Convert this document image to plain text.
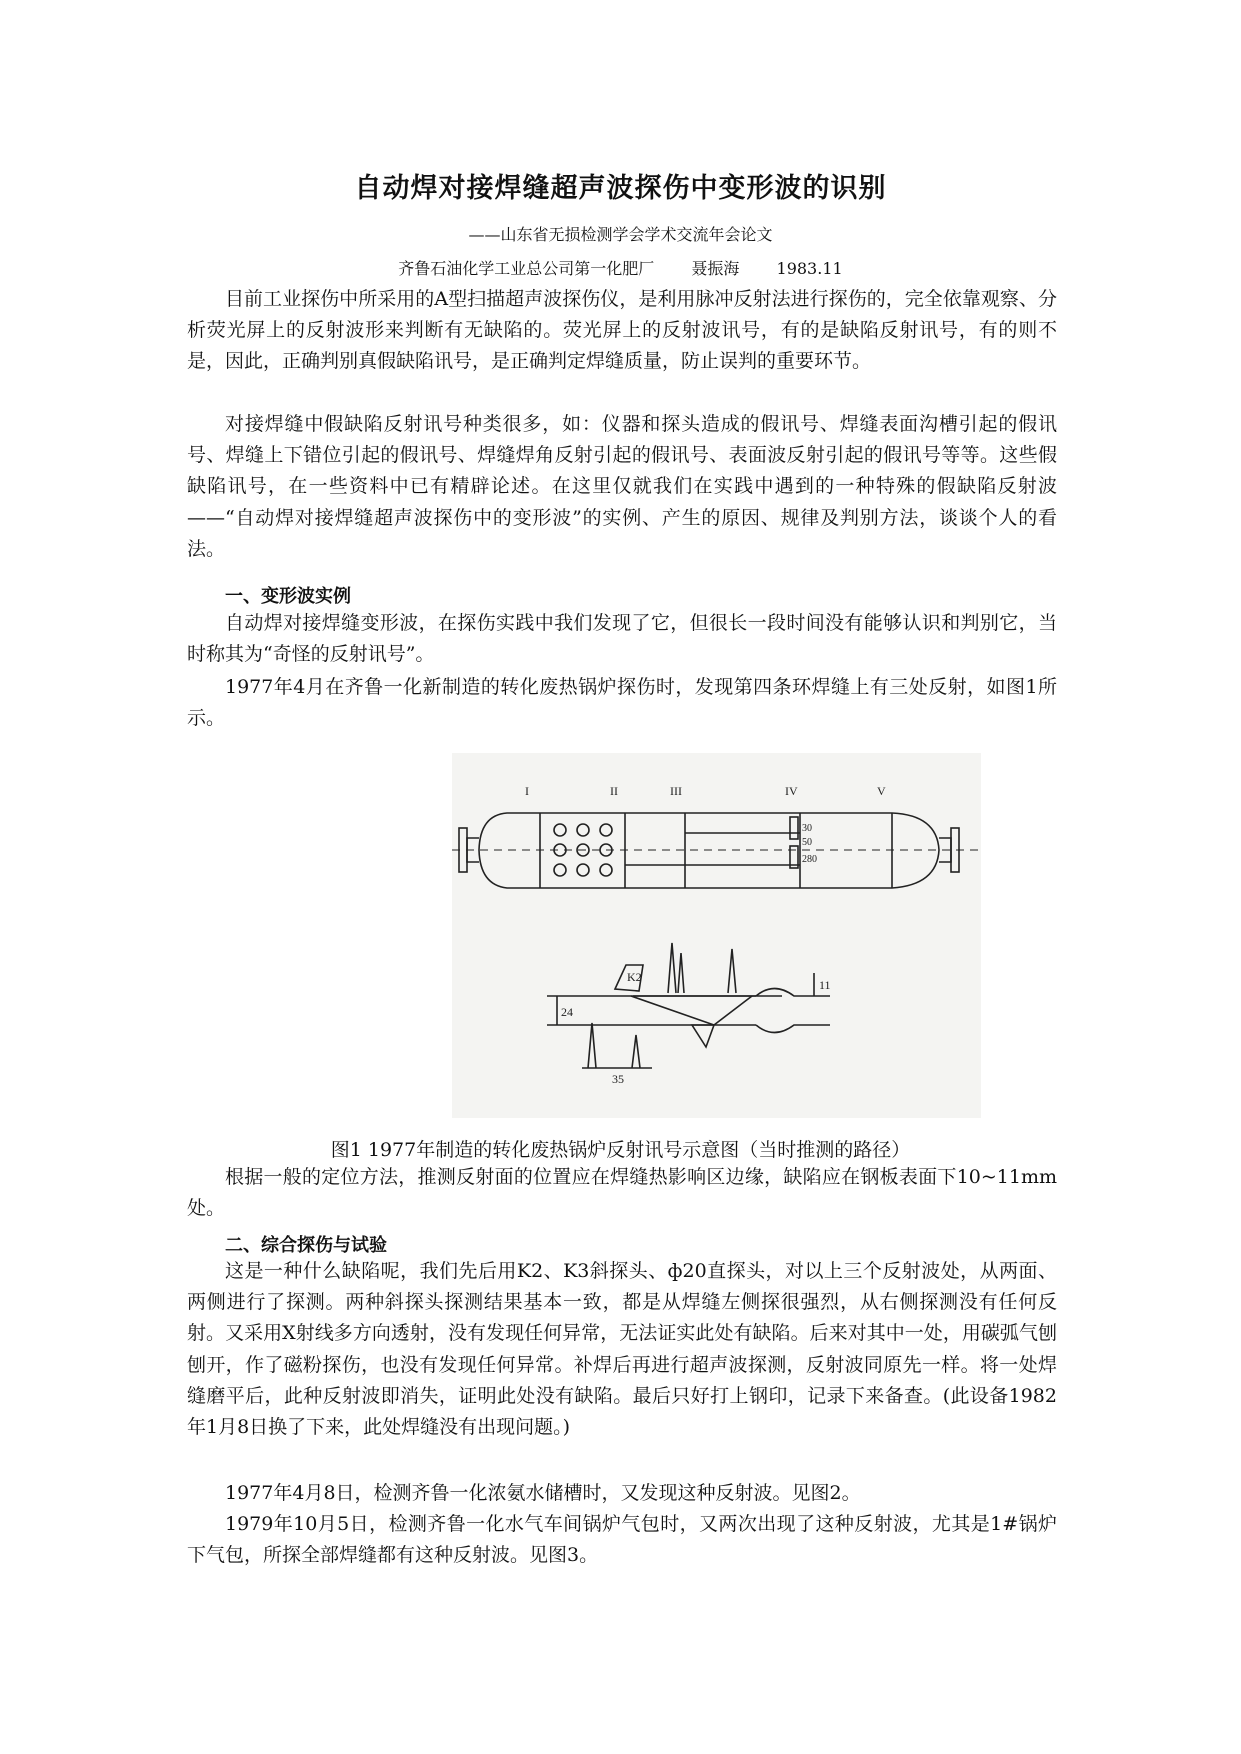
自动焊对接焊缝超声波探伤中变形波的识别
——山东省无损检测学会学术交流年会论文
齐鲁石油化学工业总公司第一化肥厂 聂振海 1983.11

目前工业探伤中所采用的A型扫描超声波探伤仪，是利用脉冲反射法进行探伤的，完全依靠观察、分析荧光屏上的反射波形来判断有无缺陷的。荧光屏上的反射波讯号，有的是缺陷反射讯号，有的则不是，因此，正确判别真假缺陷讯号，是正确判定焊缝质量，防止误判的重要环节。

对接焊缝中假缺陷反射讯号种类很多，如：仪器和探头造成的假讯号、焊缝表面沟槽引起的假讯号、焊缝上下错位引起的假讯号、焊缝焊角反射引起的假讯号、表面波反射引起的假讯号等等。这些假缺陷讯号，在一些资料中已有精辟论述。在这里仅就我们在实践中遇到的一种特殊的假缺陷反射波——“自动焊对接焊缝超声波探伤中的变形波”的实例、产生的原因、规律及判别方法，谈谈个人的看法。

一、变形波实例

自动焊对接焊缝变形波，在探伤实践中我们发现了它，但很长一段时间没有能够认识和判别它，当时称其为“奇怪的反射讯号”。

1977年4月在齐鲁一化新制造的转化废热锅炉探伤时，发现第四条环焊缝上有三处反射，如图1所示。

I	II	III	IV	V
30
50
280
K2
24
35
11
图1 1977年制造的转化废热锅炉反射讯号示意图（当时推测的路径）

根据一般的定位方法，推测反射面的位置应在焊缝热影响区边缘，缺陷应在钢板表面下10~11mm处。

二、综合探伤与试验

这是一种什么缺陷呢，我们先后用K2、K3斜探头、ф20直探头，对以上三个反射波处，从两面、两侧进行了探测。两种斜探头探测结果基本一致，都是从焊缝左侧探很强烈，从右侧探测没有任何反射。又采用X射线多方向透射，没有发现任何异常，无法证实此处有缺陷。后来对其中一处，用碳弧气刨刨开，作了磁粉探伤，也没有发现任何异常。补焊后再进行超声波探测，反射波同原先一样。将一处焊缝磨平后，此种反射波即消失，证明此处没有缺陷。最后只好打上钢印，记录下来备查。(此设备1982年1月8日换了下来，此处焊缝没有出现问题。)

1977年4月8日，检测齐鲁一化浓氨水储槽时，又发现这种反射波。见图2。

1979年10月5日，检测齐鲁一化水气车间锅炉气包时，又两次出现了这种反射波，尤其是1#锅炉下气包，所探全部焊缝都有这种反射波。见图3。
